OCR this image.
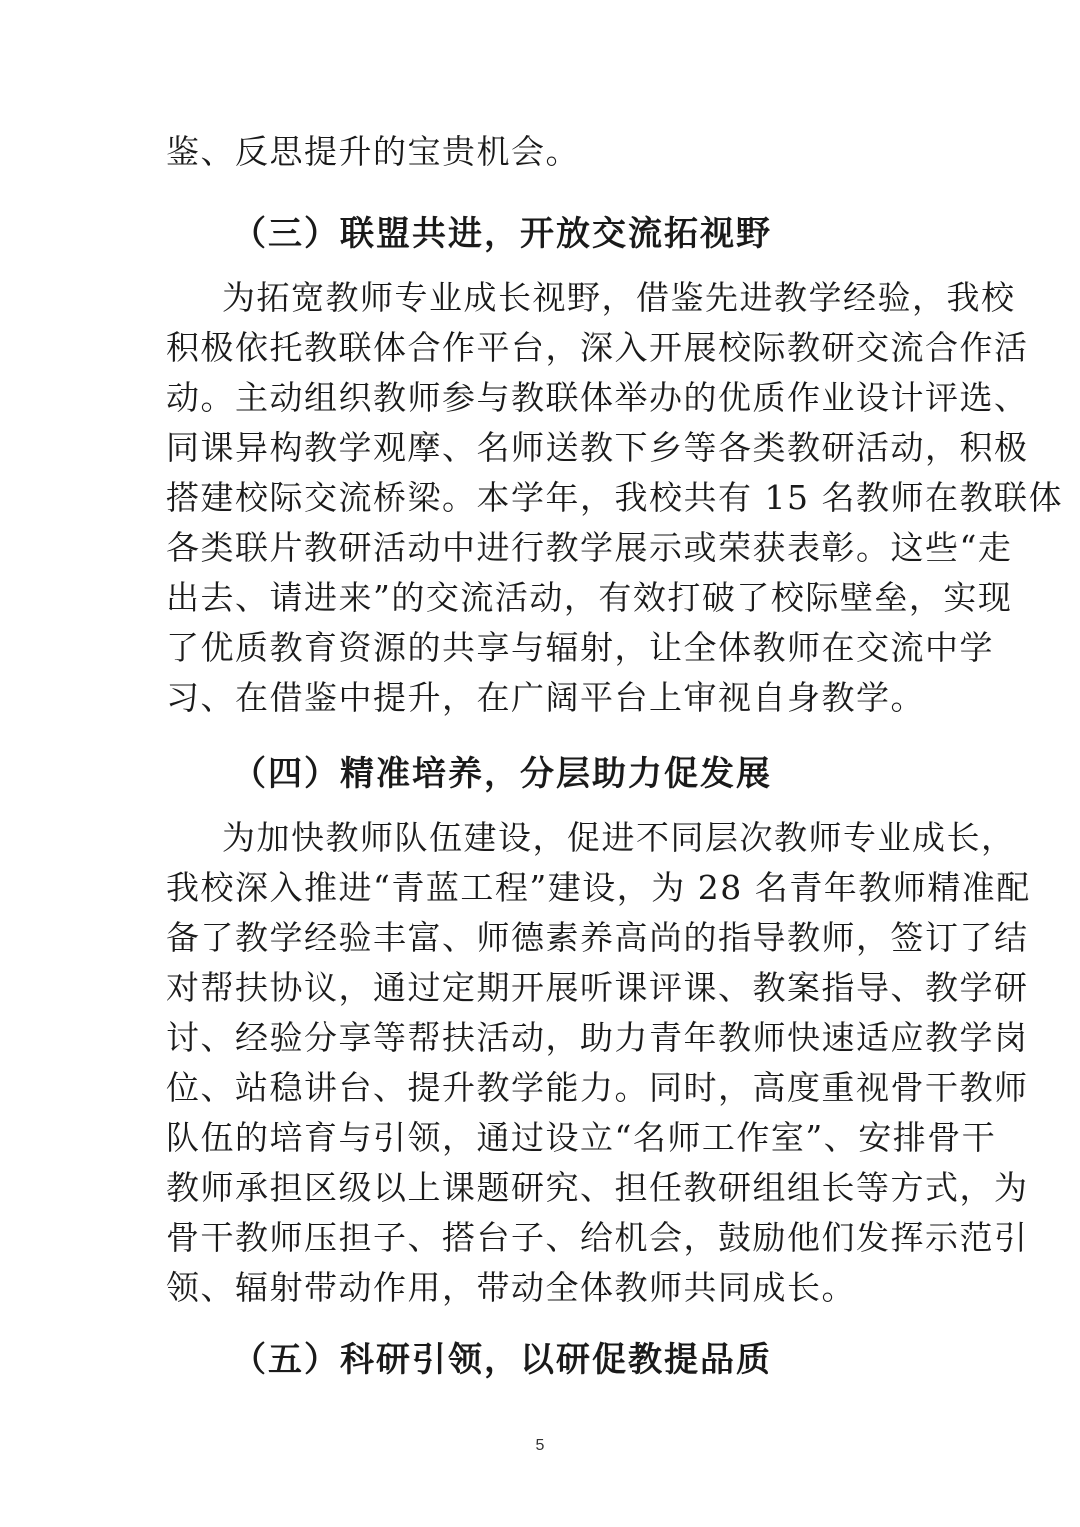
鉴、反思提升的宝贵机会。
（三）联盟共进，开放交流拓视野
为拓宽教师专业成长视野，借鉴先进教学经验，我校
积极依托教联体合作平台，深入开展校际教研交流合作活
动。主动组织教师参与教联体举办的优质作业设计评选、
同课异构教学观摩、名师送教下乡等各类教研活动，积极
搭建校际交流桥梁。本学年，我校共有 15 名教师在教联体
各类联片教研活动中进行教学展示或荣获表彰。这些“走
出去、请进来”的交流活动，有效打破了校际壁垒，实现
了优质教育资源的共享与辐射，让全体教师在交流中学
习、在借鉴中提升，在广阔平台上审视自身教学。
（四）精准培养，分层助力促发展
为加快教师队伍建设，促进不同层次教师专业成长，
我校深入推进“青蓝工程”建设，为 28 名青年教师精准配
备了教学经验丰富、师德素养高尚的指导教师，签订了结
对帮扶协议，通过定期开展听课评课、教案指导、教学研
讨、经验分享等帮扶活动，助力青年教师快速适应教学岗
位、站稳讲台、提升教学能力。同时，高度重视骨干教师
队伍的培育与引领，通过设立“名师工作室”、安排骨干
教师承担区级以上课题研究、担任教研组组长等方式，为
骨干教师压担子、搭台子、给机会，鼓励他们发挥示范引
领、辐射带动作用，带动全体教师共同成长。
（五）科研引领，以研促教提品质
5
